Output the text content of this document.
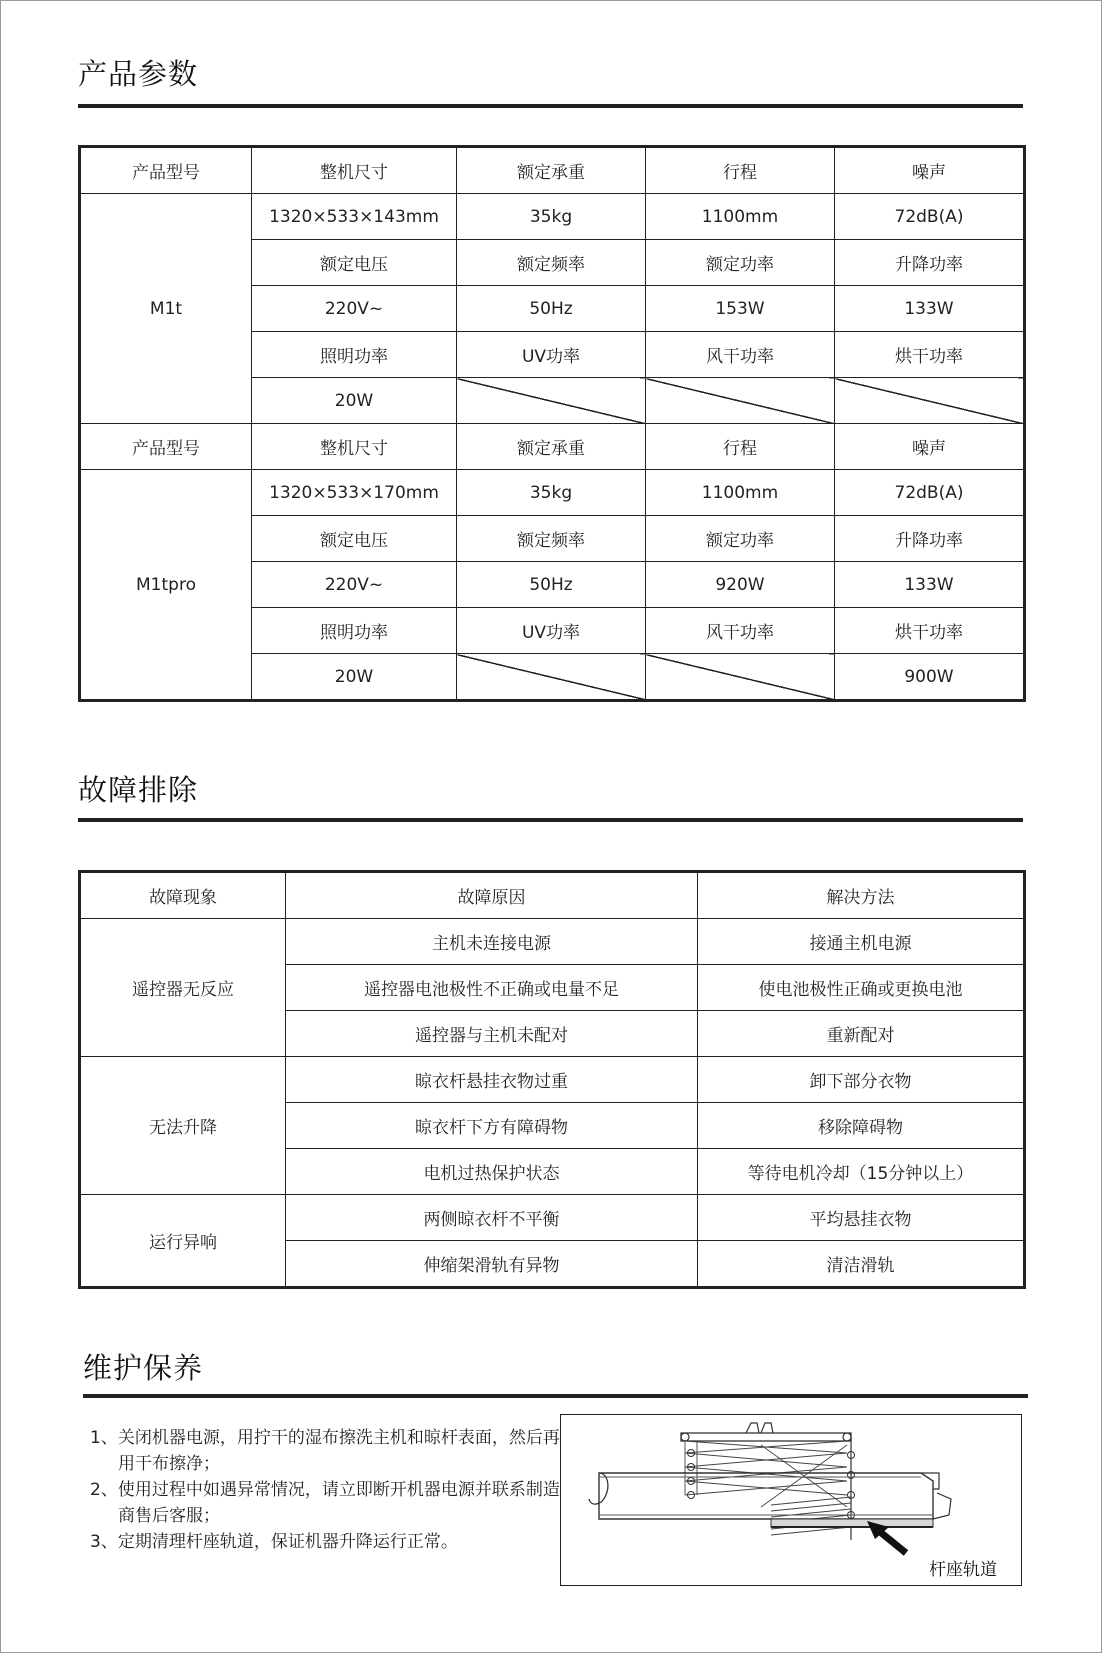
产品参数
产品型号	整机尺寸	额定承重	行程	噪声
M1t	1320×533×143mm	35kg	1100mm	72dB(A)
	额定电压	额定频率	额定功率	升降功率
	220V~	50Hz	153W	133W
	照明功率	UV功率	风干功率	烘干功率
	20W			
产品型号	整机尺寸	额定承重	行程	噪声
M1tpro	1320×533×170mm	35kg	1100mm	72dB(A)
	额定电压	额定频率	额定功率	升降功率
	220V~	50Hz	920W	133W
	照明功率	UV功率	风干功率	烘干功率
	20W			900W
故障排除
故障现象	故障原因	解决方法
遥控器无反应	主机未连接电源	接通主机电源
	遥控器电池极性不正确或电量不足	使电池极性正确或更换电池
	遥控器与主机未配对	重新配对
无法升降	晾衣杆悬挂衣物过重	卸下部分衣物
	晾衣杆下方有障碍物	移除障碍物
	电机过热保护状态	等待电机冷却（15分钟以上）
运行异响	两侧晾衣杆不平衡	平均悬挂衣物
	伸缩架滑轨有异物	清洁滑轨
维护保养
1、关闭机器电源，用拧干的湿布擦洗主机和晾杆表面，然后再用干布擦净；
2、使用过程中如遇异常情况，请立即断开机器电源并联系制造商售后客服；
3、定期清理杆座轨道，保证机器升降运行正常。
杆座轨道
